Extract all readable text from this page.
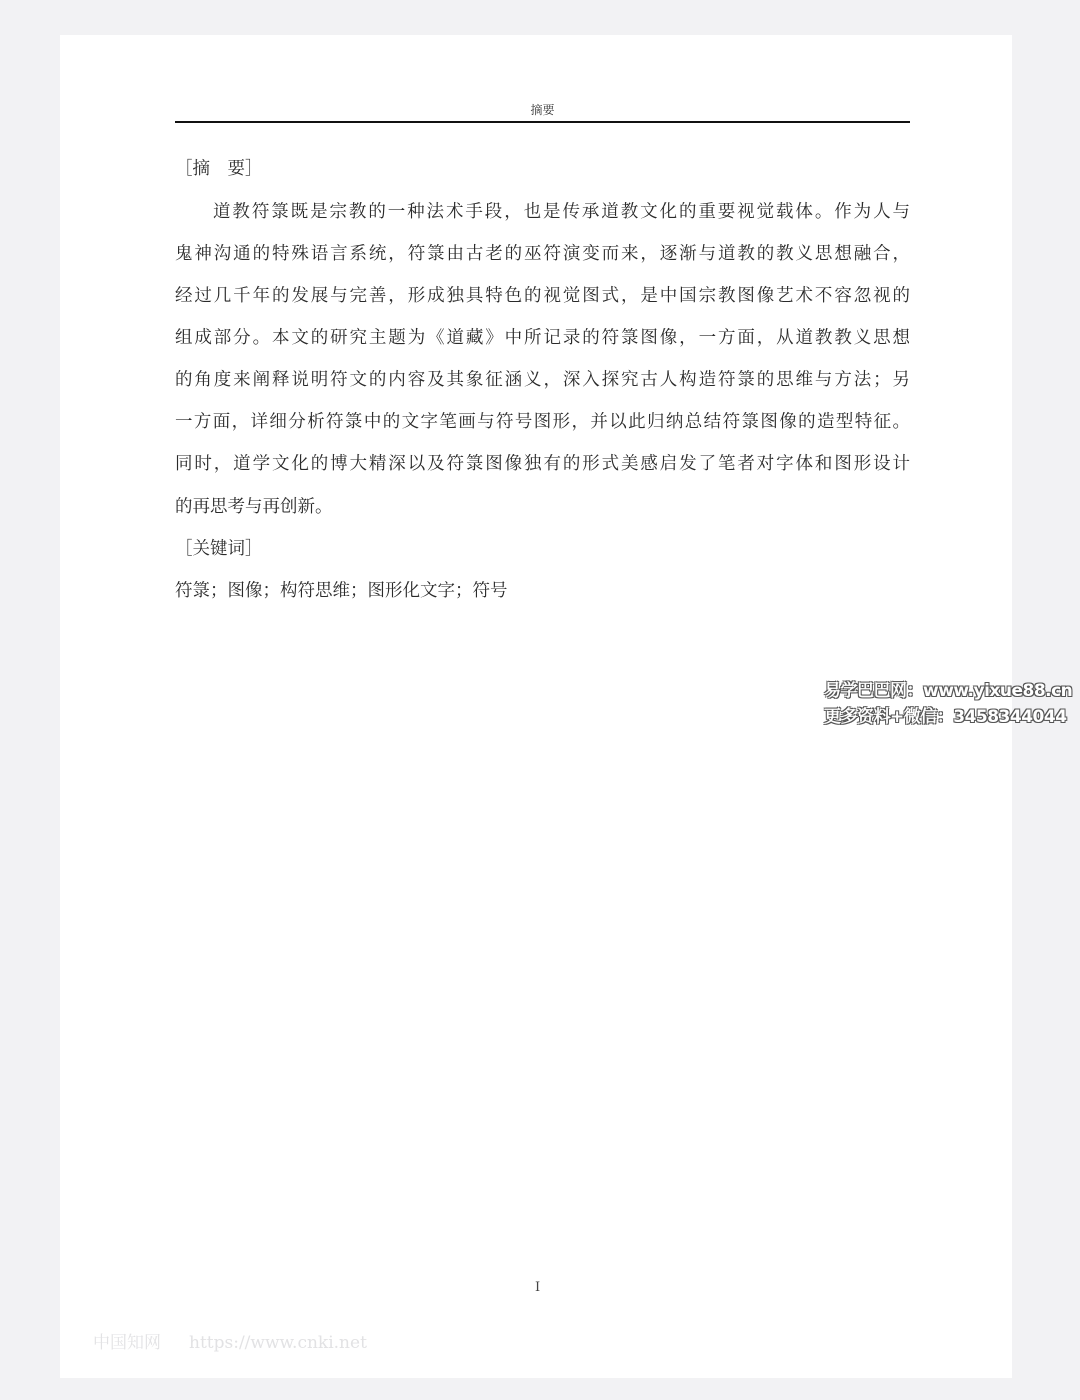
摘要
［摘　要］
道教符箓既是宗教的一种法术手段，也是传承道教文化的重要视觉载体。作为人与
鬼神沟通的特殊语言系统，符箓由古老的巫符演变而来，逐渐与道教的教义思想融合，
经过几千年的发展与完善，形成独具特色的视觉图式，是中国宗教图像艺术不容忽视的
组成部分。本文的研究主题为《道藏》中所记录的符箓图像，一方面，从道教教义思想
的角度来阐释说明符文的内容及其象征涵义，深入探究古人构造符箓的思维与方法；另
一方面，详细分析符箓中的文字笔画与符号图形，并以此归纳总结符箓图像的造型特征。
同时，道学文化的博大精深以及符箓图像独有的形式美感启发了笔者对字体和图形设计
的再思考与再创新。
［关键词］
符箓；图像；构符思维；图形化文字；符号
I
中国知网 https://www.cnki.net
易学巴巴网：www.yixue88.cn
更多资料+微信：3458344044
